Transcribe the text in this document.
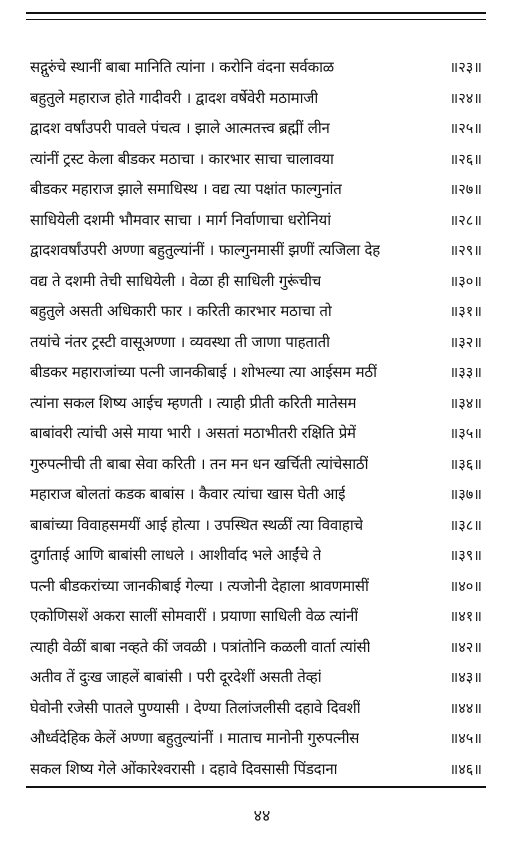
सद्गुरुंचे स्थानीं बाबा मानिति त्यांना । करोनि वंदना सर्वकाळ	॥२३॥
बहुतुले महाराज होते गादीवरी । द्वादश वर्षेवेरी मठामाजी	॥२४॥
द्वादश वर्षांउपरी पावले पंचत्व । झाले आत्मतत्त्व ब्रह्मीं लीन	॥२५॥
त्यांनीं ट्रस्ट केला बीडकर मठाचा । कारभार साचा चालावया	॥२६॥
बीडकर महाराज झाले समाधिस्थ । वद्य त्या पक्षांत फाल्गुनांत	॥२७॥
साधियेली दशमी भौमवार साचा । मार्ग निर्वाणाचा धरोनियां	॥२८॥
द्वादशवर्षांउपरी अण्णा बहुतुल्यांनीं । फाल्गुनमासीं झणीं त्यजिला देह	॥२९॥
वद्य ते दशमी तेची साधियेली । वेळा ही साधिली गुरूंचीच	॥३०॥
बहुतुले असती अधिकारी फार । करिती कारभार मठाचा तो	॥३१॥
तयांचे नंतर ट्रस्टी वासूअण्णा । व्यवस्था ती जाणा पाहताती	॥३२॥
बीडकर महाराजांच्या पत्नी जानकीबाई । शोभल्या त्या आईसम मठीं	॥३३॥
त्यांना सकल शिष्य आईच म्हणती । त्याही प्रीती करिती मातेसम	॥३४॥
बाबांवरी त्यांची असे माया भारी । असतां मठाभीतरी रक्षिति प्रेमें	॥३५॥
गुरुपत्नीची ती बाबा सेवा करिती । तन मन धन खर्चिती त्यांचेसाठीं	॥३६॥
महाराज बोलतां कडक बाबांस । कैवार त्यांचा खास घेती आई	॥३७॥
बाबांच्या विवाहसमयीं आई होत्या । उपस्थित स्थळीं त्या विवाहाचे	॥३८॥
दुर्गाताई आणि बाबांसी लाधले । आशीर्वाद भले आईंचे ते	॥३९॥
पत्नी बीडकरांच्या जानकीबाई गेल्या । त्यजोनी देहाला श्रावणमासीं	॥४०॥
एकोणिसशें अकरा सालीं सोमवारीं । प्रयाणा साधिली वेळ त्यांनीं	॥४१॥
त्याही वेळीं बाबा नव्हते कीं जवळी । पत्रांतोनि कळली वार्ता त्यांसी	॥४२॥
अतीव तें दुःख जाहलें बाबांसी । परी दूरदेशीं असती तेव्हां	॥४३॥
घेवोनी रजेसी पातले पुण्यासी । देण्या तिलांजलीसी दहावे दिवशीं	॥४४॥
और्ध्वदेहिक केलें अण्णा बहुतुल्यांनीं । माताच मानोनी गुरुपत्नीस	॥४५॥
सकल शिष्य गेले ओंकारेश्वरासी । दहावे दिवसासी पिंडदाना	॥४६॥
४४
